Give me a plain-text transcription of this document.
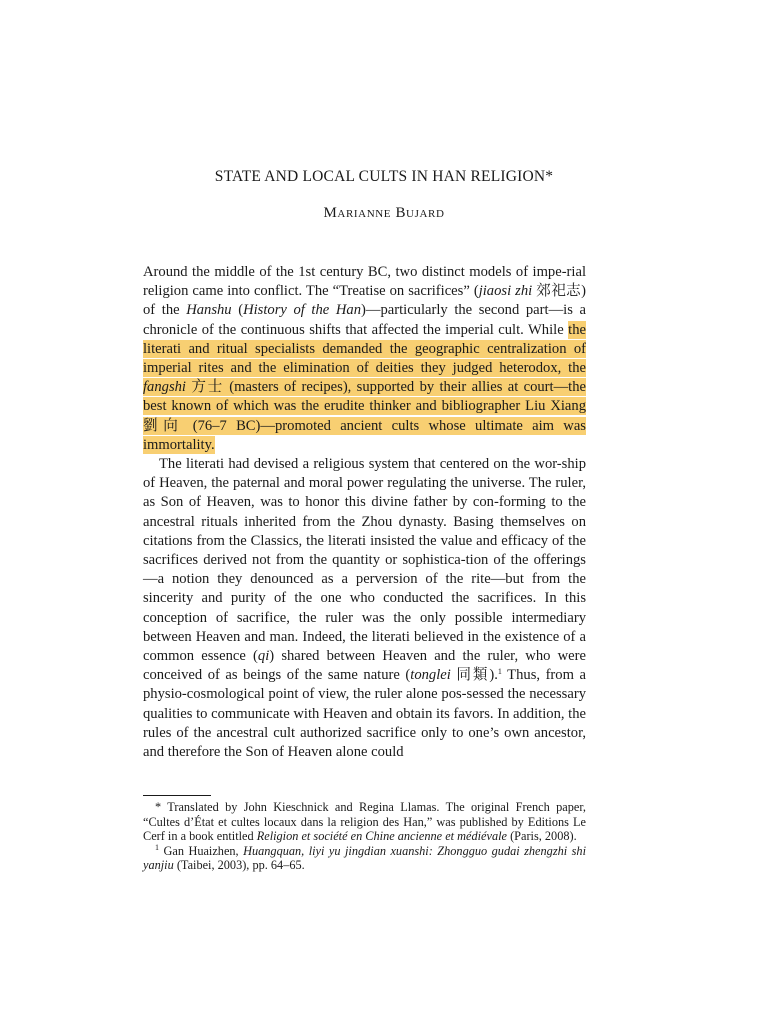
STATE AND LOCAL CULTS IN HAN RELIGION*
Marianne Bujard

Around the middle of the 1st century BC, two distinct models of impe-rial religion came into conflict. The “Treatise on sacrifices” (jiaosi zhi 郊祀志) of the Hanshu (History of the Han)—particularly the second part—is a chronicle of the continuous shifts that affected the imperial cult. While the literati and ritual specialists demanded the geographic centralization of imperial rites and the elimination of deities they judged heterodox, the fangshi 方士 (masters of recipes), supported by their allies at court—the best known of which was the erudite thinker and bibliographer Liu Xiang 劉向 (76–7 BC)—promoted ancient cults whose ultimate aim was immortality.

The literati had devised a religious system that centered on the wor-ship of Heaven, the paternal and moral power regulating the universe. The ruler, as Son of Heaven, was to honor this divine father by con-forming to the ancestral rituals inherited from the Zhou dynasty. Basing themselves on citations from the Classics, the literati insisted the value and efficacy of the sacrifices derived not from the quantity or sophistica-tion of the offerings—a notion they denounced as a perversion of the rite—but from the sincerity and purity of the one who conducted the sacrifices. In this conception of sacrifice, the ruler was the only possible intermediary between Heaven and man. Indeed, the literati believed in the existence of a common essence (qi) shared between Heaven and the ruler, who were conceived of as beings of the same nature (tonglei 同類).$^1$ Thus, from a physio-cosmological point of view, the ruler alone pos-sessed the necessary qualities to communicate with Heaven and obtain its favors. In addition, the rules of the ancestral cult authorized sacrifice only to one’s own ancestor, and therefore the Son of Heaven alone could

* Translated by John Kieschnick and Regina Llamas. The original French paper, “Cultes d’État et cultes locaux dans la religion des Han,” was published by Editions Le Cerf in a book entitled Religion et société en Chine ancienne et médiévale (Paris, 2008).

$^1$ Gan Huaizhen, Huangquan, liyi yu jingdian xuanshi: Zhongguo gudai zhengzhi shi yanjiu (Taibei, 2003), pp. 64–65.
